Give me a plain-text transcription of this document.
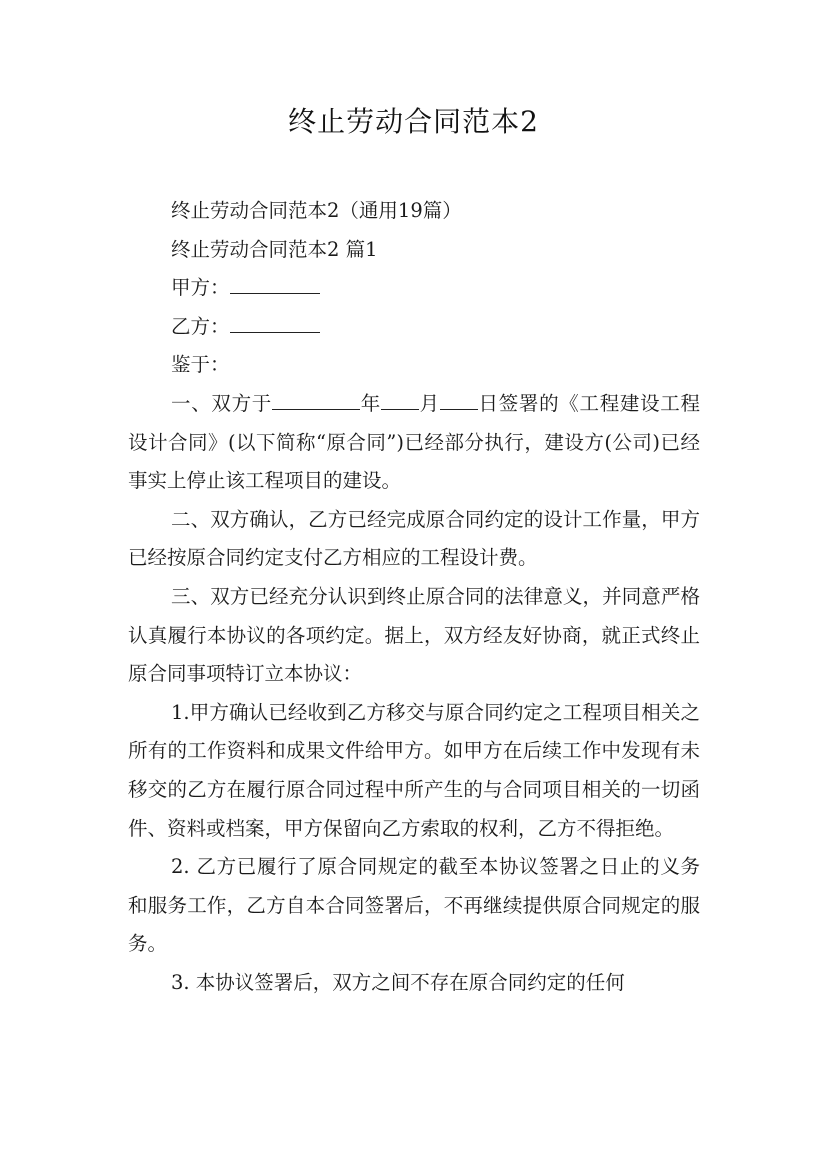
终止劳动合同范本2

终止劳动合同范本2（通用19篇）

终止劳动合同范本2 篇1

甲方：

乙方：

鉴于：

一、双方于	年 月 日签署的《工程建设工程设计合同》(以下简称“原合同”)已经部分执行，建设方(公司)已经事实上停止该工程项目的建设。

二、双方确认，乙方已经完成原合同约定的设计工作量，甲方已经按原合同约定支付乙方相应的工程设计费。

三、双方已经充分认识到终止原合同的法律意义，并同意严格认真履行本协议的各项约定。据上，双方经友好协商，就正式终止原合同事项特订立本协议：

1.甲方确认已经收到乙方移交与原合同约定之工程项目相关之所有的工作资料和成果文件给甲方。如甲方在后续工作中发现有未移交的乙方在履行原合同过程中所产生的与合同项目相关的一切函件、资料或档案，甲方保留向乙方索取的权利，乙方不得拒绝。

2. 乙方已履行了原合同规定的截至本协议签署之日止的义务和服务工作，乙方自本合同签署后，不再继续提供原合同规定的服务。

3. 本协议签署后，双方之间不存在原合同约定的任何
